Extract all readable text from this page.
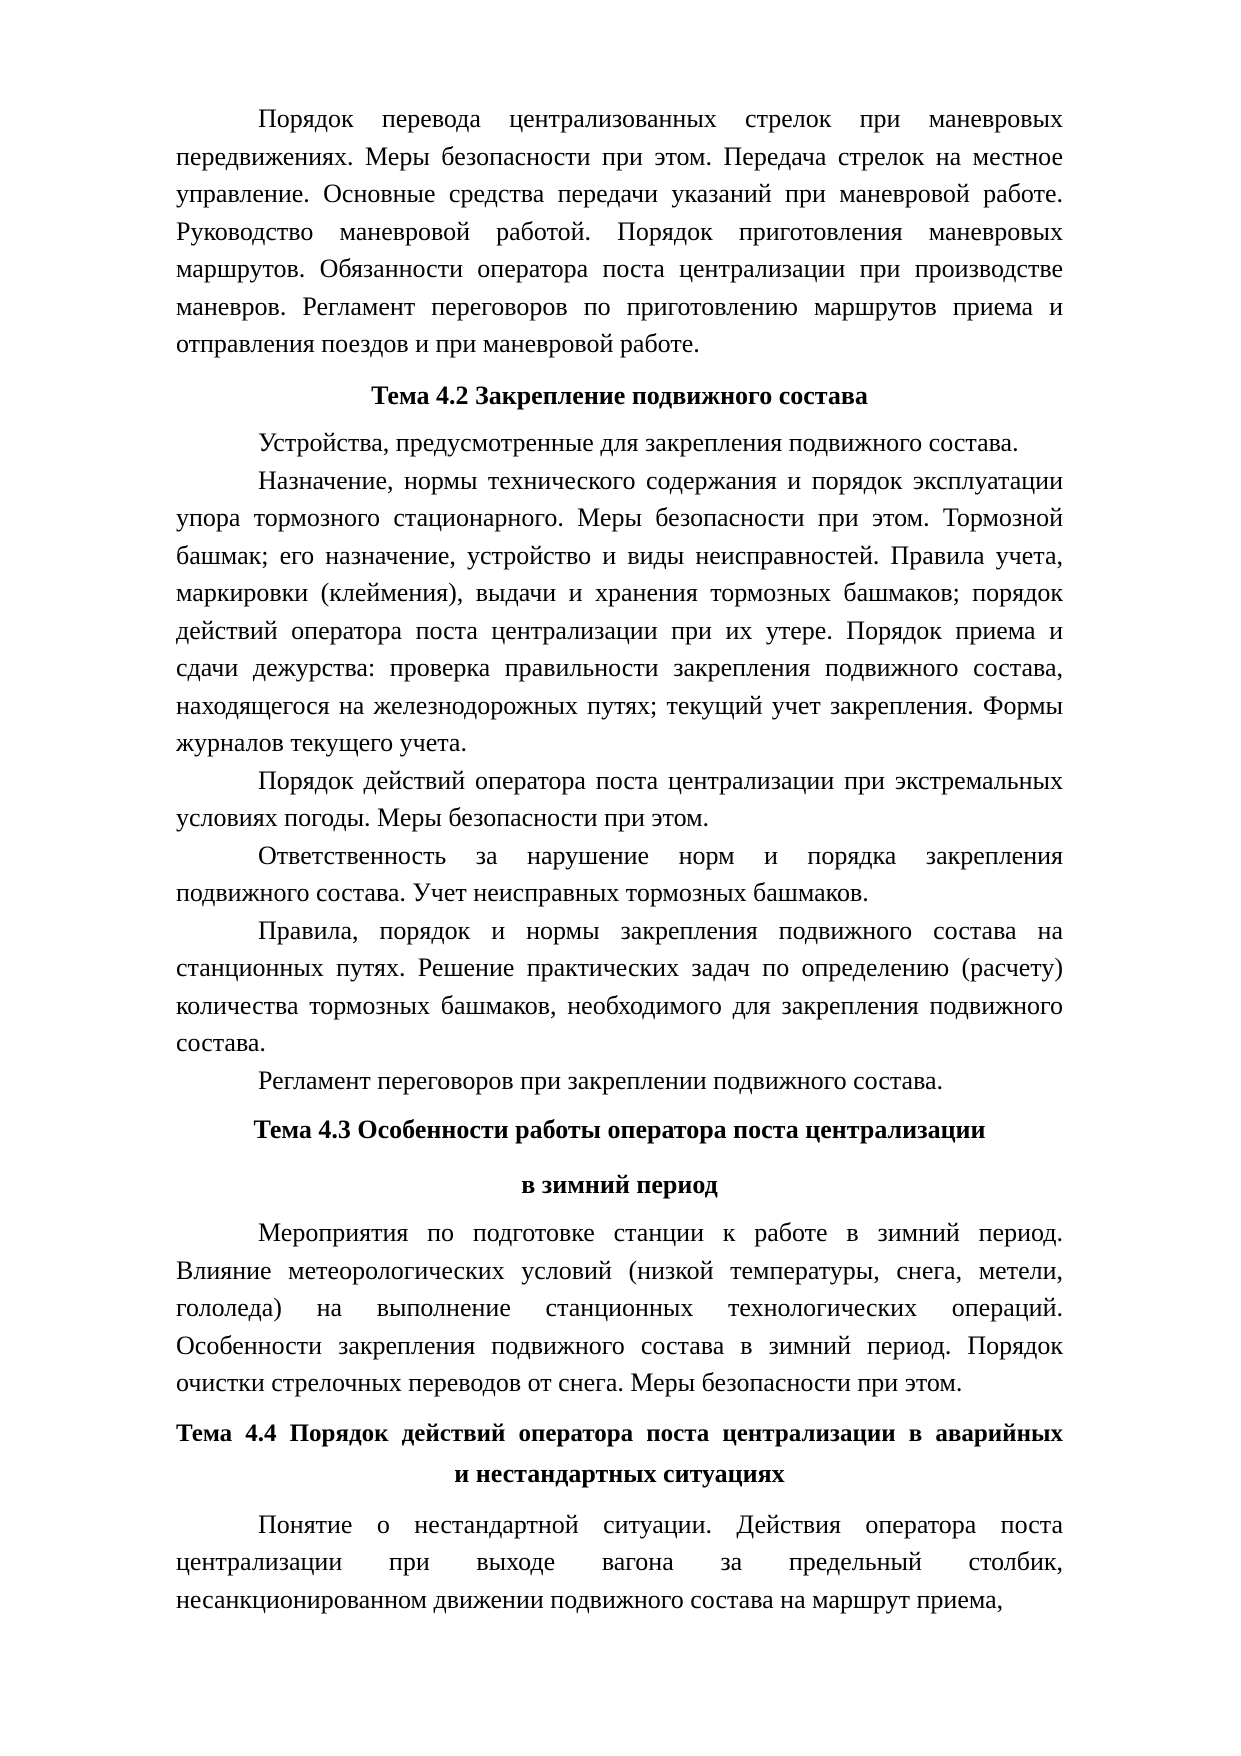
Порядок перевода централизованных стрелок при маневровых передвижениях. Меры безопасности при этом. Передача стрелок на местное управление. Основные средства передачи указаний при маневровой работе. Руководство маневровой работой. Порядок приготовления маневровых маршрутов. Обязанности оператора поста централизации при производстве маневров. Регламент переговоров по приготовлению маршрутов приема и отправления поездов и при маневровой работе.

Тема 4.2 Закрепление подвижного состава

Устройства, предусмотренные для закрепления подвижного состава.

Назначение, нормы технического содержания и порядок эксплуатации упора тормозного стационарного. Меры безопасности при этом. Тормозной башмак; его назначение, устройство и виды неисправностей. Правила учета, маркировки (клеймения), выдачи и хранения тормозных башмаков; порядок действий оператора поста централизации при их утере. Порядок приема и сдачи дежурства: проверка правильности закрепления подвижного состава, находящегося на железнодорожных путях; текущий учет закрепления. Формы журналов текущего учета.

Порядок действий оператора поста централизации при экстремальных условиях погоды. Меры безопасности при этом.

Ответственность за нарушение норм и порядка закрепления подвижного состава. Учет неисправных тормозных башмаков.

Правила, порядок и нормы закрепления подвижного состава на станционных путях. Решение практических задач по определению (расчету) количества тормозных башмаков, необходимого для закрепления подвижного состава.

Регламент переговоров при закреплении подвижного состава.

Тема 4.3 Особенности работы оператора поста централизации
в зимний период

Мероприятия по подготовке станции к работе в зимний период. Влияние метеорологических условий (низкой температуры, снега, метели, гололеда) на выполнение станционных технологических операций. Особенности закрепления подвижного состава в зимний период. Порядок очистки стрелочных переводов от снега. Меры безопасности при этом.

Тема 4.4 Порядок действий оператора поста централизации в аварийных
и нестандартных ситуациях

Понятие о нестандартной ситуации. Действия оператора поста централизации при выходе вагона за предельный столбик, несанкционированном движении подвижного состава на маршрут приема,
